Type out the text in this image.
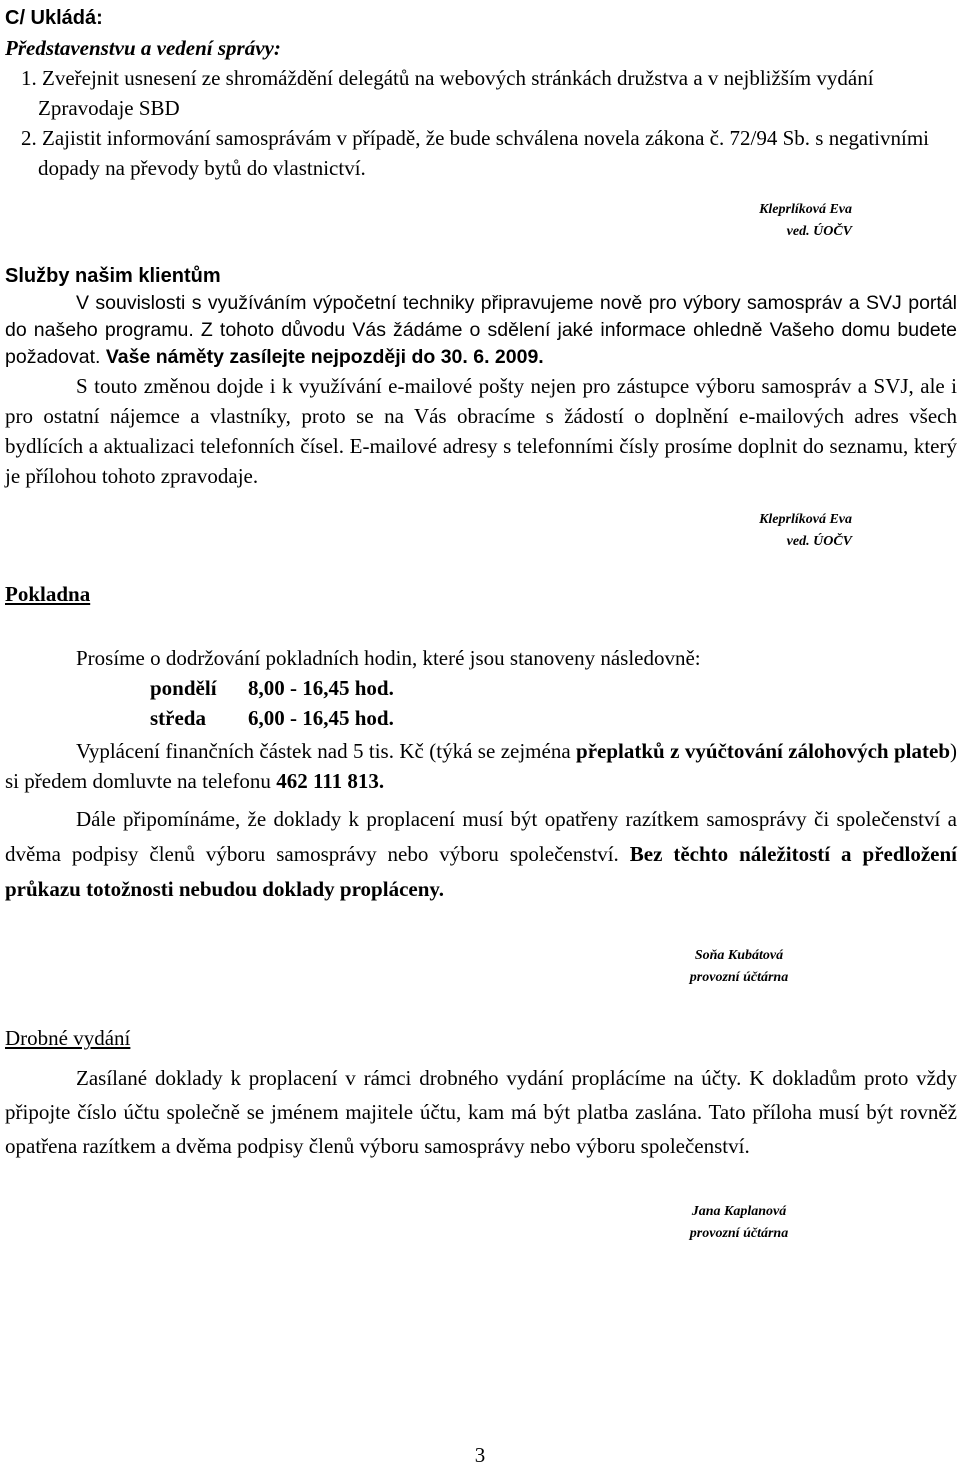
C/ Ukládá:

Představenstvu a vedení správy:

1. Zveřejnit usnesení ze shromáždění delegátů na webových stránkách družstva a v nejbližším vydání Zpravodaje SBD
2. Zajistit informování samosprávám v případě, že bude schválena novela zákona č. 72/94 Sb. s negativními dopady na převody bytů do vlastnictví.
Kleprlíková Eva
ved. ÚOČV

Služby našim klientům

V souvislosti s využíváním výpočetní techniky připravujeme nově pro výbory samospráv a SVJ portál do našeho programu. Z tohoto důvodu Vás žádáme o sdělení jaké informace ohledně Vašeho domu budete požadovat. Vaše náměty zasílejte nejpozději do 30. 6. 2009.

S touto změnou dojde i k využívání e-mailové pošty nejen pro zástupce výboru samospráv a SVJ, ale i pro ostatní nájemce a vlastníky, proto se na Vás obracíme s žádostí o doplnění e-mailových adres všech bydlících a aktualizaci telefonních čísel. E-mailové adresy s telefonními čísly prosíme doplnit do seznamu, který je přílohou tohoto zpravodaje.

Kleprlíková Eva
ved. ÚOČV

Pokladna

Prosíme o dodržování pokladních hodin, které jsou stanoveny následovně:

pondělí 8,00 - 16,45 hod.
středa 6,00 - 16,45 hod.

Vyplácení finančních částek nad 5 tis. Kč (týká se zejména přeplatků z vyúčtování zálohových plateb) si předem domluvte na telefonu 462 111 813.

Dále připomínáme, že doklady k proplacení musí být opatřeny razítkem samosprávy či společenství a dvěma podpisy členů výboru samosprávy nebo výboru společenství. Bez těchto náležitostí a předložení průkazu totožnosti nebudou doklady propláceny.

Soňa Kubátová
provozní účtárna

Drobné vydání

Zasílané doklady k proplacení v rámci drobného vydání proplácíme na účty. K dokladům proto vždy připojte číslo účtu společně se jménem majitele účtu, kam má být platba zaslána. Tato příloha musí být rovněž opatřena razítkem a dvěma podpisy členů výboru samosprávy nebo výboru společenství.

Jana Kaplanová
provozní účtárna
3
